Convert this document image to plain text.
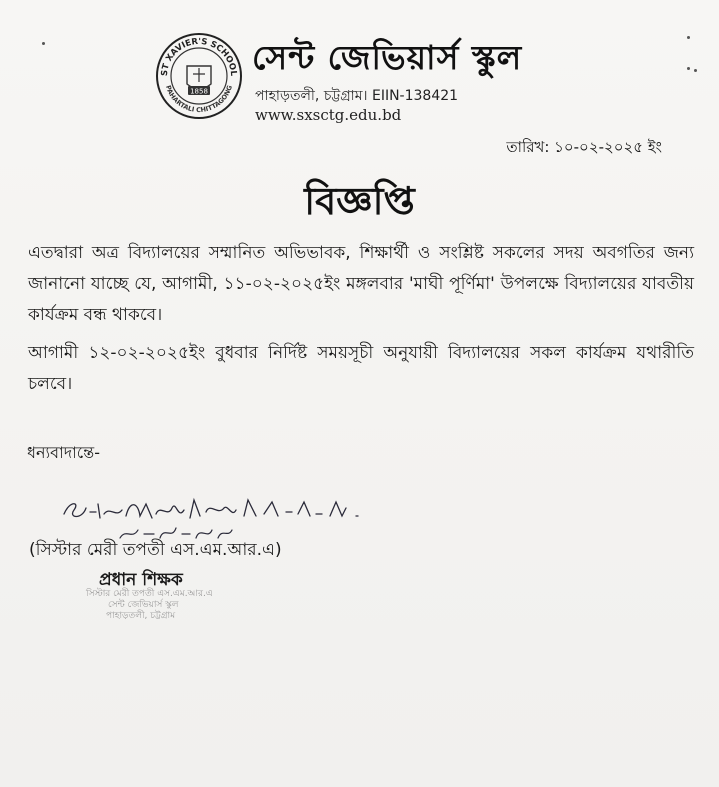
ST XAVIER'S SCHOOL
PAHARTALI CHITTAGONG
1858
সেন্ট জেভিয়ার্স স্কুল
পাহাড়তলী, চট্টগ্রাম। EIIN-138421
www.sxsctg.edu.bd
তারিখ: ১০-০২-২০২৫ ইং
বিজ্ঞপ্তি

এতদ্বারা অত্র বিদ্যালয়ের সম্মানিত অভিভাবক, শিক্ষার্থী ও সংশ্লিষ্ট সকলের সদয় অবগতির জন্য জানানো যাচ্ছে যে, আগামী, ১১-০২-২০২৫ইং মঙ্গলবার 'মাঘী পূর্ণিমা' উপলক্ষে বিদ্যালয়ের যাবতীয় কার্যক্রম বন্ধ থাকবে।

আগামী ১২-০২-২০২৫ইং বুধবার নির্দিষ্ট সময়সূচী অনুযায়ী বিদ্যালয়ের সকল কার্যক্রম যথারীতি চলবে।

ধন্যবাদান্তে-
(সিস্টার মেরী তপতী এস.এম.আর.এ)
প্রধান শিক্ষক
সিস্টার মেরী তপতী এস.এম.আর.এ
সেন্ট জেভিয়ার্স স্কুল
পাহাড়তলী, চট্টগ্রাম
